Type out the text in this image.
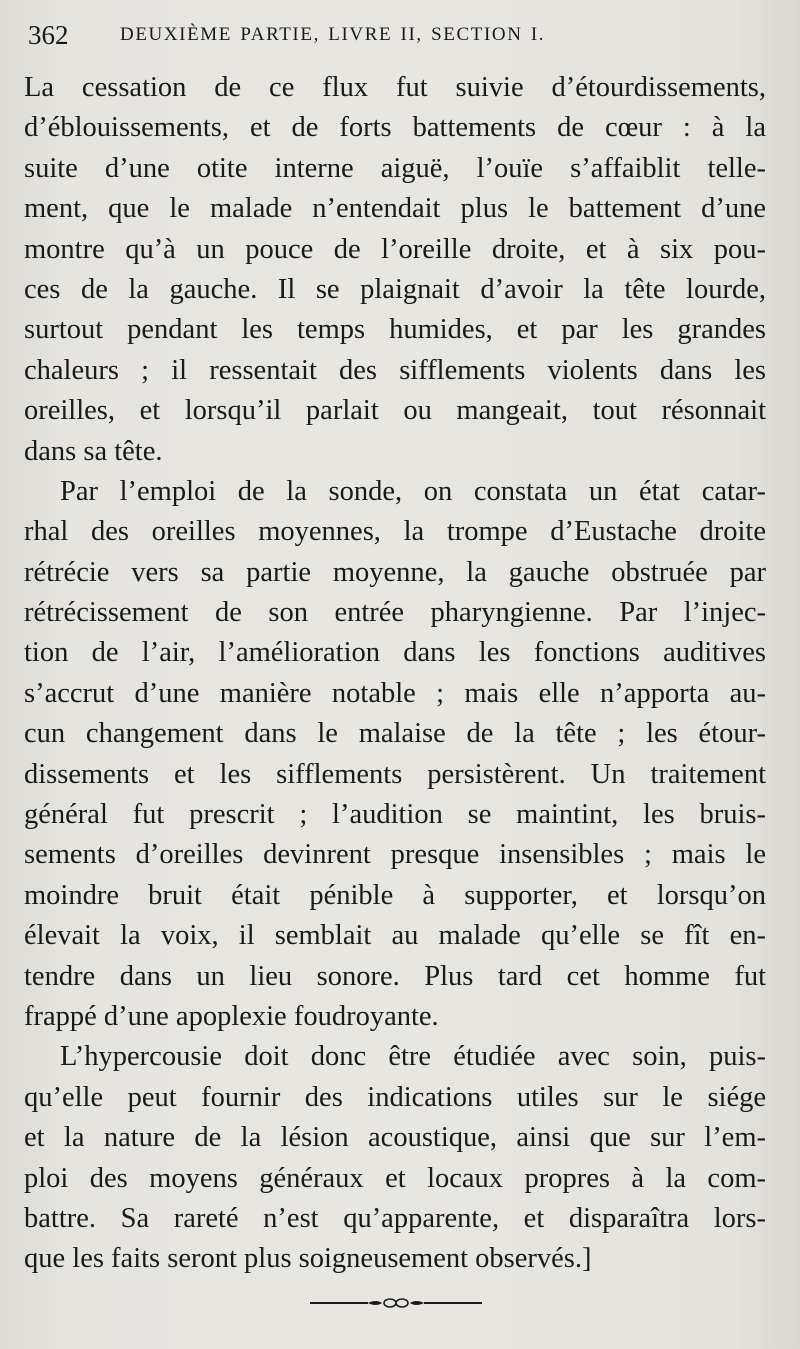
362	DEUXIÈME PARTIE, LIVRE II, SECTION I.
La cessation de ce flux fut suivie d’étourdissements,
d’éblouissements, et de forts battements de cœur : à la
suite d’une otite interne aiguë, l’ouïe s’affaiblit telle-
ment, que le malade n’entendait plus le battement d’une
montre qu’à un pouce de l’oreille droite, et à six pou-
ces de la gauche. Il se plaignait d’avoir la tête lourde,
surtout pendant les temps humides, et par les grandes
chaleurs ; il ressentait des sifflements violents dans les
oreilles, et lorsqu’il parlait ou mangeait, tout résonnait
dans sa tête.
Par l’emploi de la sonde, on constata un état catar-
rhal des oreilles moyennes, la trompe d’Eustache droite
rétrécie vers sa partie moyenne, la gauche obstruée par
rétrécissement de son entrée pharyngienne. Par l’injec-
tion de l’air, l’amélioration dans les fonctions auditives
s’accrut d’une manière notable ; mais elle n’apporta au-
cun changement dans le malaise de la tête ; les étour-
dissements et les sifflements persistèrent. Un traitement
général fut prescrit ; l’audition se maintint, les bruis-
sements d’oreilles devinrent presque insensibles ; mais le
moindre bruit était pénible à supporter, et lorsqu’on
élevait la voix, il semblait au malade qu’elle se fît en-
tendre dans un lieu sonore. Plus tard cet homme fut
frappé d’une apoplexie foudroyante.
L’hypercousie doit donc être étudiée avec soin, puis-
qu’elle peut fournir des indications utiles sur le siége
et la nature de la lésion acoustique, ainsi que sur l’em-
ploi des moyens généraux et locaux propres à la com-
battre. Sa rareté n’est qu’apparente, et disparaîtra lors-
que les faits seront plus soigneusement observés.]
